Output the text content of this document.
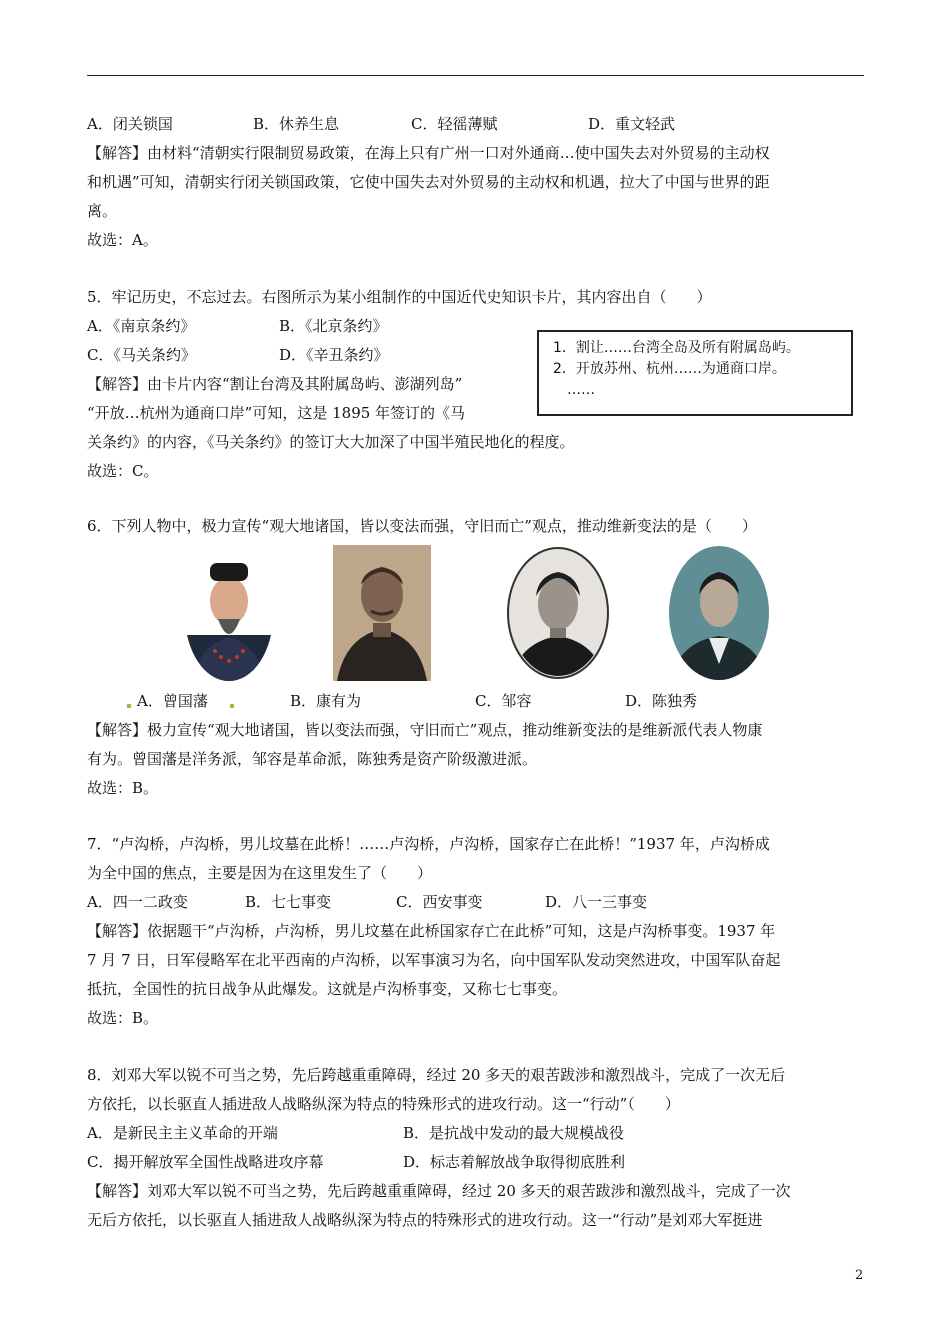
A．闭关锁国	B．休养生息	C．轻徭薄赋	D．重文轻武
【解答】由材料“清朝实行限制贸易政策，在海上只有广州一口对外通商…使中国失去对外贸易的主动权
和机遇”可知，清朝实行闭关锁国政策，它使中国失去对外贸易的主动权和机遇，拉大了中国与世界的距
离。
故选：A。
5．牢记历史，不忘过去。右图所示为某小组制作的中国近代史知识卡片，其内容出自（　　）
A．《南京条约》	B．《北京条约》
C．《马关条约》	D．《辛丑条约》	1．割让……台湾全岛及所有附属岛屿。
2．开放苏州、杭州……为通商口岸。
……
【解答】由卡片内容“割让台湾及其附属岛屿、澎湖列岛”
“开放…杭州为通商口岸”可知，这是 1895 年签订的《马
关条约》的内容，《马关条约》的签订大大加深了中国半殖民地化的程度。
故选：C。
6．下列人物中，极力宣传“观大地诸国，皆以变法而强，守旧而亡”观点，推动维新变法的是（　　）
A．曾国藩	B．康有为	C．邹容	D．陈独秀
【解答】极力宣传“观大地诸国，皆以变法而强，守旧而亡”观点，推动维新变法的是维新派代表人物康
有为。曾国藩是洋务派，邹容是革命派，陈独秀是资产阶级激进派。
故选：B。
7．“卢沟桥，卢沟桥，男儿坟墓在此桥！……卢沟桥，卢沟桥，国家存亡在此桥！”1937 年，卢沟桥成
为全中国的焦点，主要是因为在这里发生了（　　）
A．四一二政变	B．七七事变	C．西安事变	D．八一三事变
【解答】依据题干“卢沟桥，卢沟桥，男儿坟墓在此桥国家存亡在此桥”可知，这是卢沟桥事变。1937 年
7 月 7 日，日军侵略军在北平西南的卢沟桥，以军事演习为名，向中国军队发动突然进攻，中国军队奋起
抵抗，全国性的抗日战争从此爆发。这就是卢沟桥事变，又称七七事变。
故选：B。
8．刘邓大军以锐不可当之势，先后跨越重重障碍，经过 20 多天的艰苦跋涉和激烈战斗，完成了一次无后
方依托，以长驱直人插进敌人战略纵深为特点的特殊形式的进攻行动。这一“行动”（　　）
A．是新民主主义革命的开端	B．是抗战中发动的最大规模战役
C．揭开解放军全国性战略进攻序幕	D．标志着解放战争取得彻底胜利
【解答】刘邓大军以锐不可当之势，先后跨越重重障碍，经过 20 多天的艰苦跋涉和激烈战斗，完成了一次
无后方依托，以长驱直人插进敌人战略纵深为特点的特殊形式的进攻行动。这一“行动”是刘邓大军挺进
2
